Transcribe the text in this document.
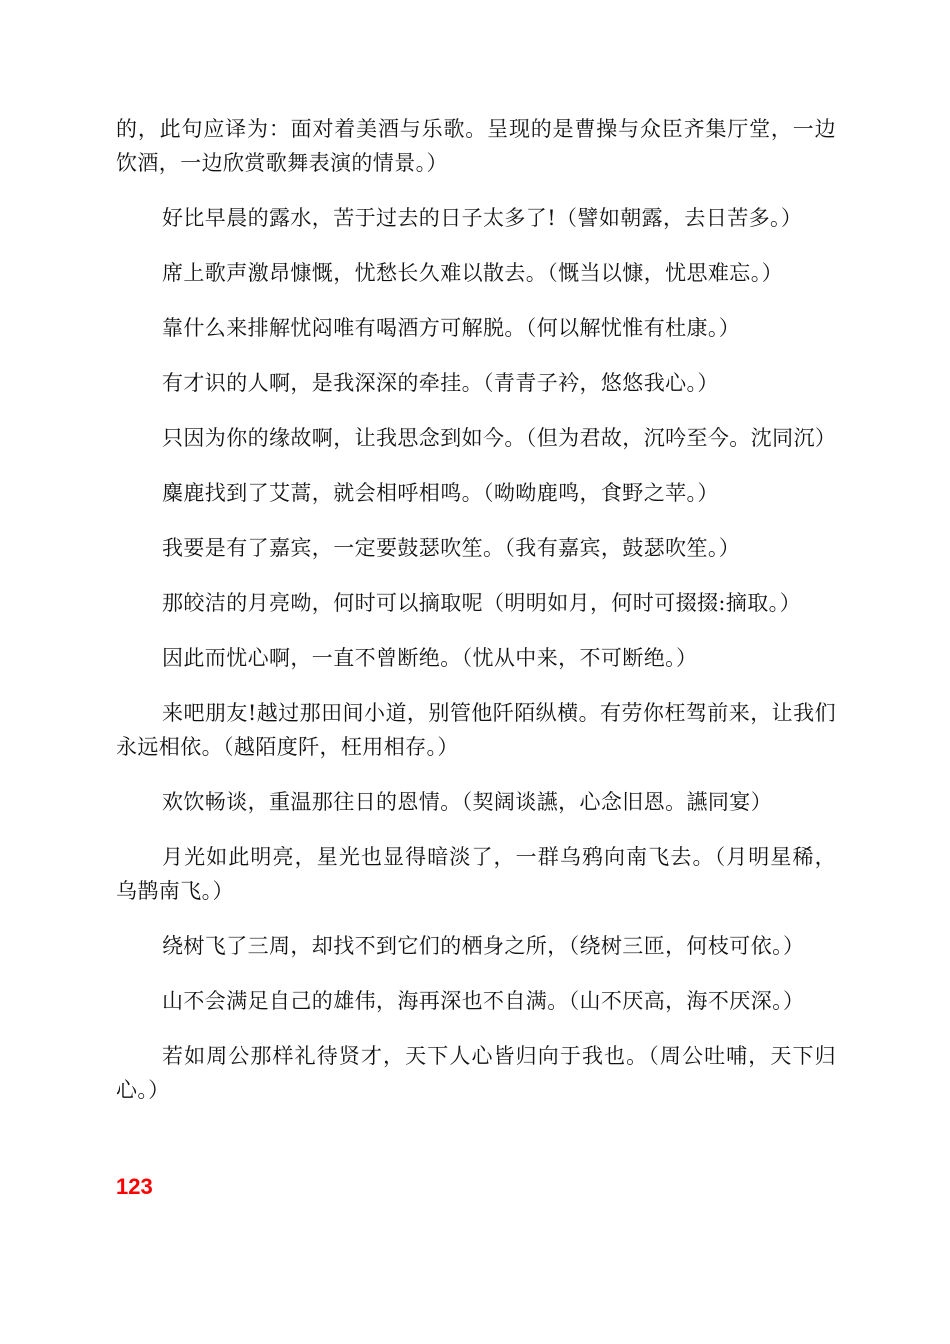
的，此句应译为：面对着美酒与乐歌。呈现的是曹操与众臣齐集厅堂，一边饮酒，一边欣赏歌舞表演的情景。）

好比早晨的露水，苦于过去的日子太多了!（譬如朝露，去日苦多。）

席上歌声激昂慷慨，忧愁长久难以散去。（慨当以慷，忧思难忘。）

靠什么来排解忧闷唯有喝酒方可解脱。（何以解忧惟有杜康。）

有才识的人啊，是我深深的牵挂。（青青子衿，悠悠我心。）

只因为你的缘故啊，让我思念到如今。（但为君故，沉吟至今。沈同沉）

麋鹿找到了艾蒿，就会相呼相鸣。（呦呦鹿鸣，食野之苹。）

我要是有了嘉宾，一定要鼓瑟吹笙。（我有嘉宾，鼓瑟吹笙。）

那皎洁的月亮呦，何时可以摘取呢（明明如月，何时可掇掇:摘取。）

因此而忧心啊，一直不曾断绝。（忧从中来，不可断绝。）

来吧朋友!越过那田间小道，别管他阡陌纵横。有劳你枉驾前来，让我们永远相依。（越陌度阡，枉用相存。）

欢饮畅谈，重温那往日的恩情。（契阔谈讌，心念旧恩。讌同宴）

月光如此明亮，星光也显得暗淡了，一群乌鸦向南飞去。（月明星稀，乌鹊南飞。）

绕树飞了三周，却找不到它们的栖身之所，（绕树三匝，何枝可依。）

山不会满足自己的雄伟，海再深也不自满。（山不厌高，海不厌深。）

若如周公那样礼待贤才，天下人心皆归向于我也。（周公吐哺，天下归心。）

123
